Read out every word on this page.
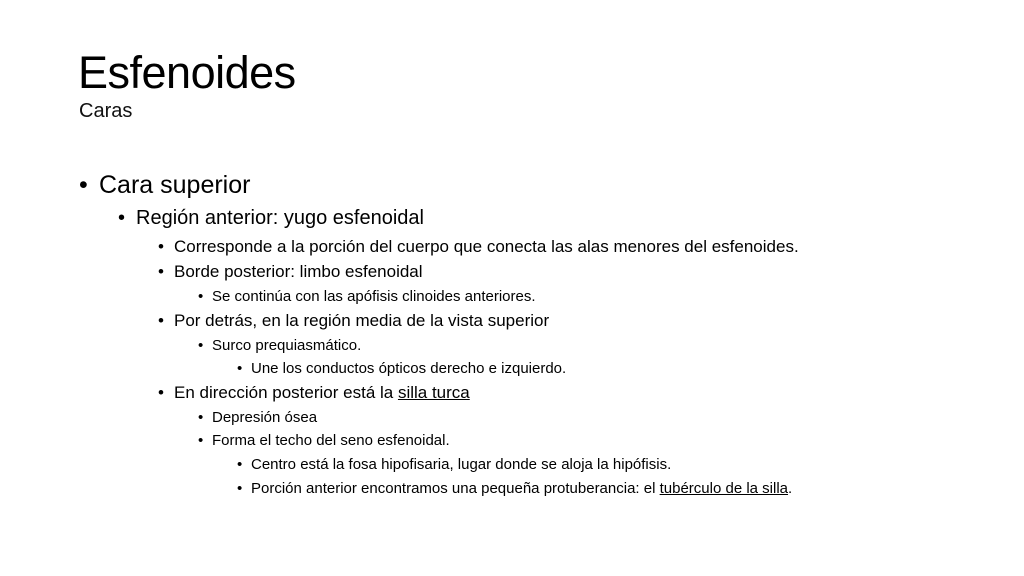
Esfenoides
Caras
• Cara superior
• Región anterior: yugo esfenoidal
• Corresponde a la porción del cuerpo que conecta las alas menores del esfenoides.
• Borde posterior: limbo esfenoidal
• Se continúa con las apófisis clinoides anteriores.
• Por detrás, en la región media de la vista superior
• Surco prequiasmático.
• Une los conductos ópticos derecho e izquierdo.
• En dirección posterior está la silla turca
• Depresión ósea
• Forma el techo del seno esfenoidal.
• Centro está la fosa hipofisaria, lugar donde se aloja la hipófisis.
• Porción anterior encontramos una pequeña protuberancia: el tubérculo de la silla.
